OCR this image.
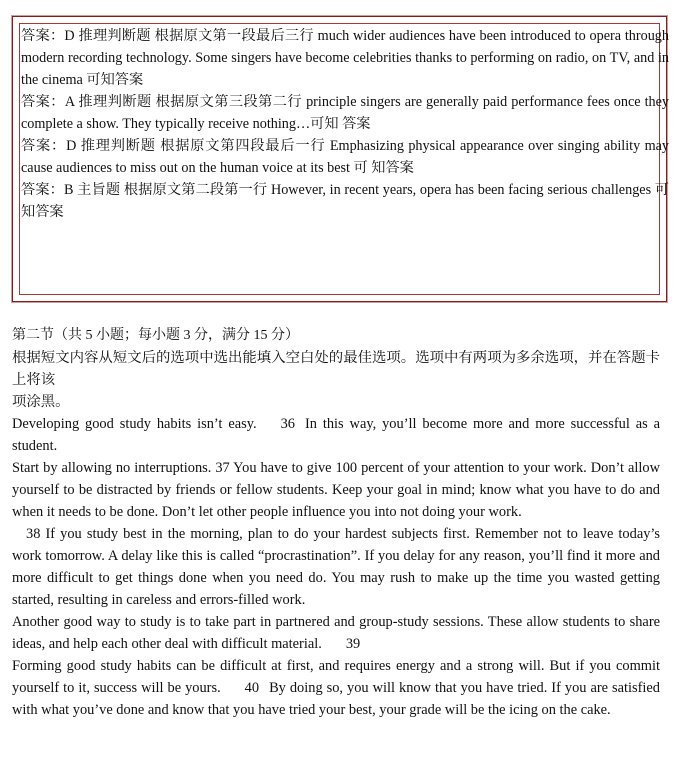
答案：D 推理判断题 根据原文第一段最后三行 much wider audiences have been introduced to opera through modern recording technology. Some singers have become celebrities thanks to performing on radio, on TV, and in the cinema 可知答案

答案：A 推理判断题 根据原文第三段第二行 principle singers are generally paid performance fees once they complete a show. They typically receive nothing…可知 答案

答案：D 推理判断题 根据原文第四段最后一行 Emphasizing physical appearance over singing ability may cause audiences to miss out on the human voice at its best 可 知答案

答案：B 主旨题 根据原文第二段第一行 However, in recent years, opera has been facing serious challenges 可知答案

第二节（共 5 小题；每小题 3 分，满分 15 分）

根据短文内容从短文后的选项中选出能填入空白处的最佳选项。选项中有两项为多余选项，并在答题卡上将该

项涂黑。

Developing good study habits isn’t easy. 36 In this way, you’ll become more and more successful as a student.

Start by allowing no interruptions. 37 You have to give 100 percent of your attention to your work. Don’t allow yourself to be distracted by friends or fellow students. Keep your goal in mind; know what you have to do and when it needs to be done. Don’t let other people influence you into not doing your work.

38 If you study best in the morning, plan to do your hardest subjects first. Remember not to leave today’s work tomorrow. A delay like this is called “procrastination”. If you delay for any reason, you’ll find it more and more difficult to get things done when you need do. You may rush to make up the time you wasted getting started, resulting in careless and errors-filled work.

Another good way to study is to take part in partnered and group-study sessions. These allow students to share ideas, and help each other deal with difficult material. 39

Forming good study habits can be difficult at first, and requires energy and a strong will. But if you commit yourself to it, success will be yours. 40 By doing so, you will know that you have tried. If you are satisfied with what you’ve done and know that you have tried your best, your grade will be the icing on the cake.
